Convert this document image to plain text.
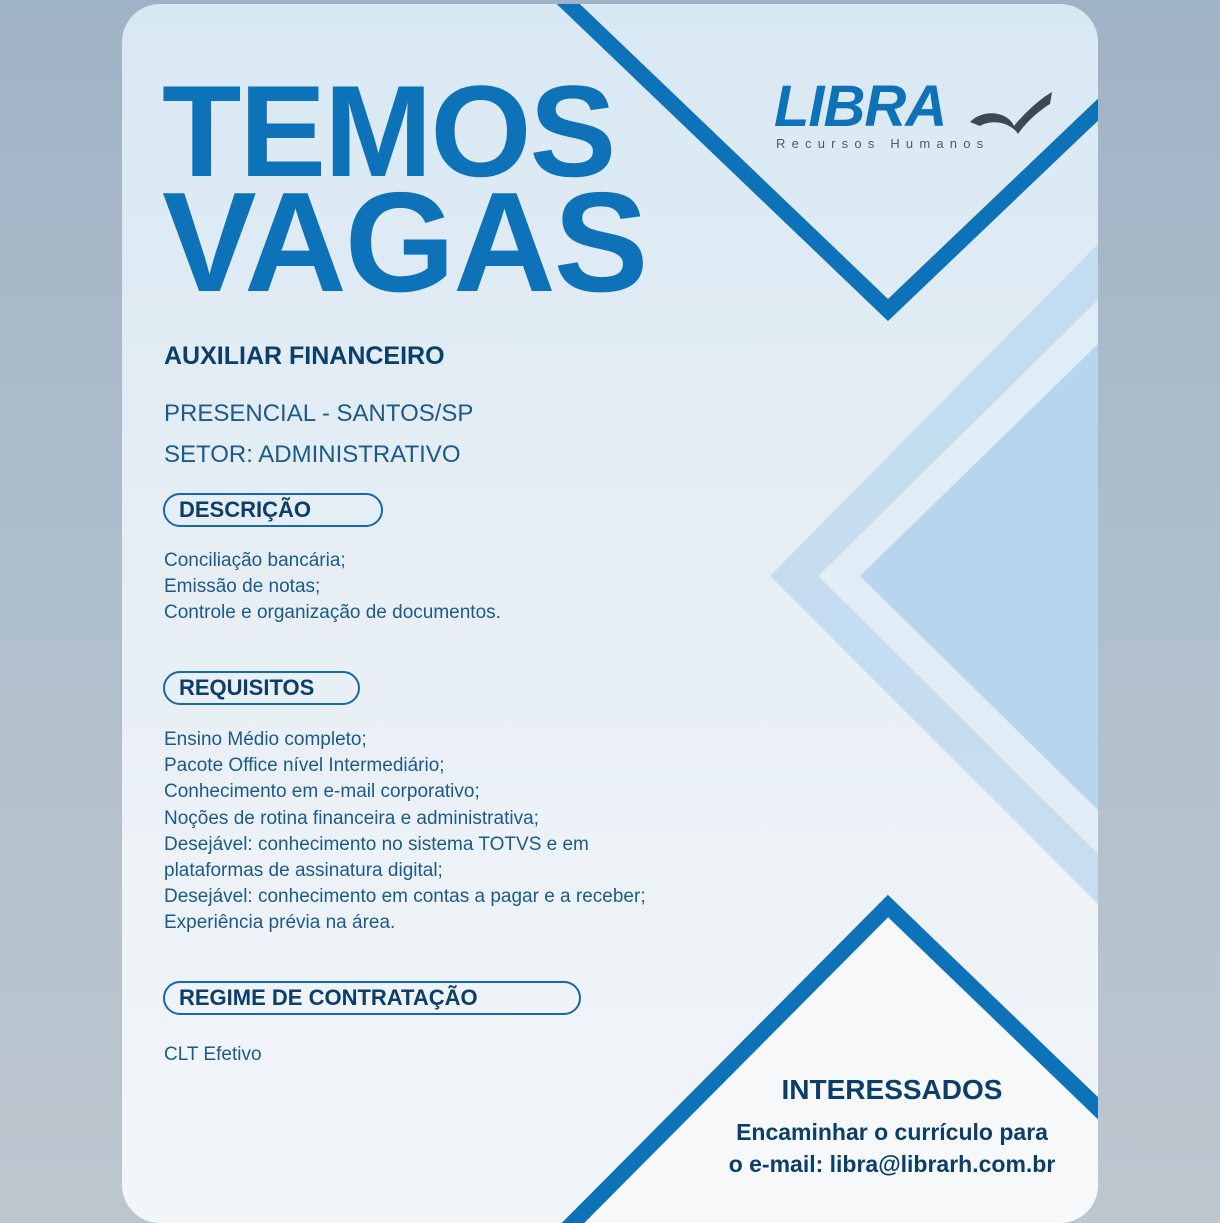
TEMOS
VAGAS
LIBRA
Recursos Humanos
AUXILIAR FINANCEIRO

PRESENCIAL - SANTOS/SP

SETOR: ADMINISTRATIVO

DESCRIÇÃO
Conciliação bancária;
Emissão de notas;
Controle e organização de documentos.
REQUISITOS
Ensino Médio completo;
Pacote Office nível Intermediário;
Conhecimento em e-mail corporativo;
Noções de rotina financeira e administrativa;
Desejável: conhecimento no sistema TOTVS e em
plataformas de assinatura digital;
Desejável: conhecimento em contas a pagar e a receber;
Experiência prévia na área.
REGIME DE CONTRATAÇÃO
CLT Efetivo
INTERESSADOS

Encaminhar o currículo para

o e-mail: libra@librarh.com.br
